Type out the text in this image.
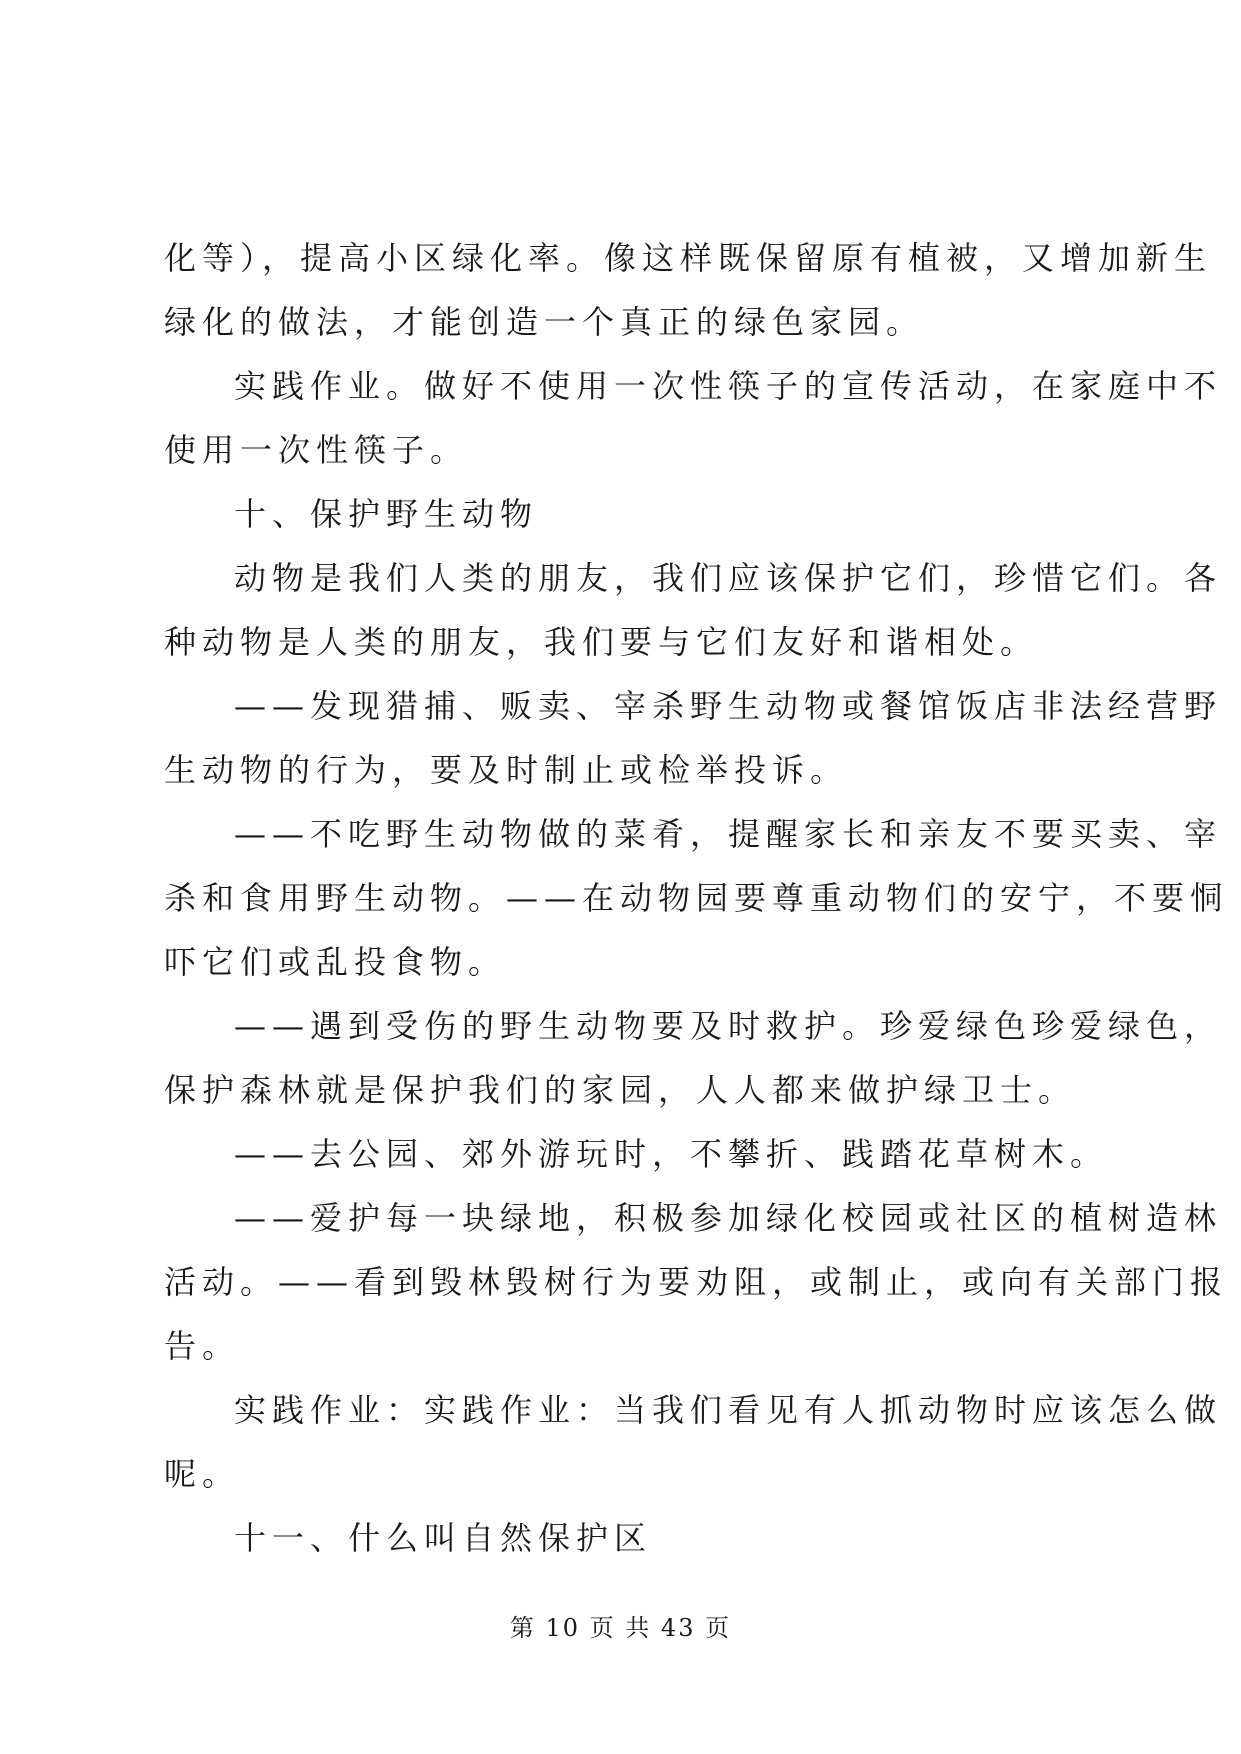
化等），提高小区绿化率。像这样既保留原有植被，又增加新生
绿化的做法，才能创造一个真正的绿色家园。
实践作业。做好不使用一次性筷子的宣传活动，在家庭中不
使用一次性筷子。
十、保护野生动物
动物是我们人类的朋友，我们应该保护它们，珍惜它们。各
种动物是人类的朋友，我们要与它们友好和谐相处。
——发现猎捕、贩卖、宰杀野生动物或餐馆饭店非法经营野
生动物的行为，要及时制止或检举投诉。
——不吃野生动物做的菜肴，提醒家长和亲友不要买卖、宰
杀和食用野生动物。——在动物园要尊重动物们的安宁，不要恫
吓它们或乱投食物。
——遇到受伤的野生动物要及时救护。珍爱绿色珍爱绿色，
保护森林就是保护我们的家园，人人都来做护绿卫士。
——去公园、郊外游玩时，不攀折、践踏花草树木。
——爱护每一块绿地，积极参加绿化校园或社区的植树造林
活动。——看到毁林毁树行为要劝阻，或制止，或向有关部门报
告。
实践作业：实践作业：当我们看见有人抓动物时应该怎么做
呢。
十一、什么叫自然保护区
第 10 页 共 43 页
